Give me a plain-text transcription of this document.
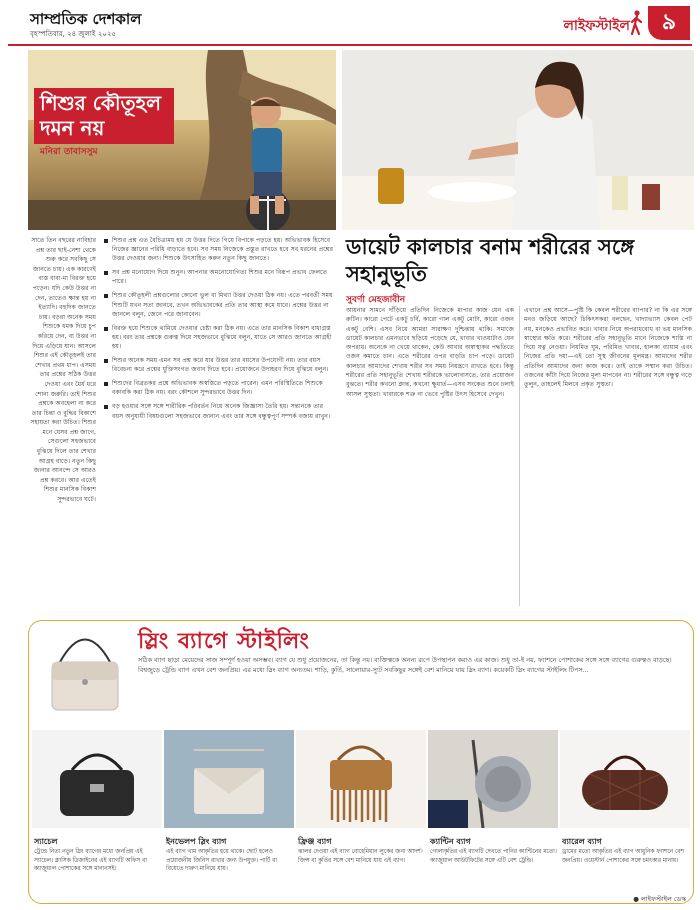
সাম্প্রতিক দেশকাল
বৃহস্পতিবার, ২৪ জুলাই ২০২৫	লাইফস্টাইল	৯
শিশুর কৌতূহল
দমন নয়
মনিরা তাবাসসুম
সাতে তিন বছরের নাবিহার প্রশ্ন তার ছাই-নেশা থেকে শুরু করে সবকিছু সে জানতে চায়। এক কারণেই ব্যস্ত বাবা-মা বিরক্ত হয়ে পড়েন। যদি কেউ উত্তর না দেন, তাতেও ক্ষান্ত হয় না ইত্যাদি। বহুদিক জানতে চায়। বড়রা অনেক সময় শিশুকে ধমক দিয়ে চুপ করিয়ে দেন, বা উত্তর না দিয়ে এড়িয়ে যান। আসলে শিশুর এই কৌতূহলই তার শেখার প্রথম ধাপ। এসময় তার প্রশ্নের সঠিক উত্তর দেওয়া এবং ধৈর্য ধরে শোনা জরুরি। তাই শিশুর প্রশ্নকে অবহেলা না করে তার চিন্তা ও বুদ্ধির বিকাশে সহায়তা করা উচিত। শিশুর মনে যেসব প্রশ্ন জাগে, সেগুলো সহজভাবে বুঝিয়ে দিলে তার শেখার আগ্রহ বাড়ে। নতুন কিছু জানার আনন্দে সে আরও প্রশ্ন করবে। আর এতেই শিশুর মানসিক বিকাশ সুন্দরভাবে ঘটে।
শিশুর প্রশ্ন এত বৈচিত্র্যময় হয় যে উত্তর দিতে গিয়ে বিপাকে পড়তে হয়। অভিভাবক হিসেবে নিজের জ্ঞানের পরিধি বাড়াতে হবে। সব সময় নিজেকে প্রস্তুত রাখতে হবে সব ধরনের প্রশ্নের উত্তর দেওয়ার জন্য। শিশুকে উৎসাহিত করুন নতুন কিছু জানতে।
সব প্রশ্ন মনোযোগ দিয়ে শুনুন। আপনার অমনোযোগিতা শিশুর মনে বিরূপ প্রভাব ফেলতে পারে।
শিশুর কৌতূহলী প্রশ্নগুলোর কোনো ভুল বা মিথ্যা উত্তর দেওয়া ঠিক নয়। এতে পরবর্তী সময় শিশুটি যখন সত্য জানবে, তখন অভিভাবকের প্রতি তার আস্থা কমে যাবে। প্রশ্নের উত্তর না জানলে বলুন, জেনে পরে জানাবেন।
বিরক্ত হয়ে শিশুকে থামিয়ে দেওয়ার চেষ্টা করা ঠিক নয়। এতে তার মানসিক বিকাশ বাধাগ্রস্ত হয়। বরং তার প্রশ্নকে গুরুত্ব দিয়ে সহজভাবে বুঝিয়ে বলুন, যাতে সে আরও জানতে আগ্রহী হয়।
শিশুর অনেক সময় এমন সব প্রশ্ন করে যার উত্তর তার বয়সের উপযোগী নয়। তার বয়স বিবেচনা করে প্রশ্নের যুক্তিসংগত জবাব দিতে হবে। প্রয়োজনে উদাহরণ দিয়ে বুঝিয়ে বলুন।
শিশুদের বিব্রতকর প্রশ্নে অভিভাবক অস্বস্তিতে পড়তে পারেন। এমন পরিস্থিতিতে শিশুকে বকাবকি করা ঠিক নয়। বরং কৌশলে সুন্দরভাবে উত্তর দিন।
বড় হওয়ার সঙ্গে সঙ্গে শারীরিক পরিবর্তন নিয়ে অনেক জিজ্ঞাসা তৈরি হয়। সন্তানকে তার বয়স অনুযায়ী বিষয়গুলো সহজভাবে জানান এবং তার সঙ্গে বন্ধুত্বপূর্ণ সম্পর্ক বজায় রাখুন।
ডায়েট কালচার বনাম শরীরের সঙ্গে সহানুভূতি
সুবর্ণা মেহজাবীন
আয়নার সামনে দাঁড়িয়ে প্রতিদিন নিজেকে মাপার কাজ যেন এক রুটিন। কারো পেটে একটু চর্বি, কারো গাল একটু মোটা, কারো ওজন একটু বেশি। এসব নিয়ে আমরা সারাক্ষণ দুশ্চিন্তায় থাকি। সমাজে ডায়েট কালচার এমনভাবে ছড়িয়ে পড়েছে যে, খাবার খাওয়াটাও যেন অপরাধ। অনেকে না খেয়ে থাকেন, কেউ আবার অস্বাস্থ্যকর পদ্ধতিতে ওজন কমাতে চান। এতে শরীরের ওপর বাড়তি চাপ পড়ে। ডায়েট কালচার আমাদের শেখায় শরীর সব সময় নিয়ন্ত্রণে রাখতে হবে। কিন্তু শরীরের প্রতি সহানুভূতি শেখায় শরীরকে ভালোবাসতে, তার প্রয়োজন বুঝতে। শরীর কখনো ক্লান্ত, কখনো ক্ষুধার্ত—এসব সংকেত শুনে চলাই আসল সুস্থতা। খাবারকে শত্রু না ভেবে পুষ্টির উৎস হিসেবে দেখুন।
এখানে প্রশ্ন আসে—পুষ্টি কি কেবল শরীরের ব্যাপার? না কি এর সঙ্গে মনও জড়িয়ে আছে? চিকিৎসকরা বলছেন, খাদ্যাভ্যাস কেবল পেট নয়, মনকেও প্রভাবিত করে। খাবার নিয়ে অপরাধবোধ বা ভয় মানসিক স্বাস্থ্যের ক্ষতি করে। শরীরের প্রতি সহানুভূতি মানে নিজেকে শাস্তি না দিয়ে যত্ন নেওয়া। নিয়মিত ঘুম, পরিমিত খাবার, হালকা ব্যায়াম এবং নিজের প্রতি দয়া—এই তো সুস্থ জীবনের মূলমন্ত্র। আমাদের শরীর প্রতিদিন আমাদের জন্য কাজ করে। তাই তাকে সম্মান করা উচিত। ওজনের কাঁটা দিয়ে নিজের মূল্য মাপবেন না। শরীরের সঙ্গে বন্ধুত্ব গড়ে তুলুন, তাহলেই মিলবে প্রকৃত সুস্থতা।
স্লিং ব্যাগে স্টাইলিং
সঠিক ব্যাগ ছাড়া মেয়েদের সাজ সম্পূর্ণ হওয়া অসম্ভব। ব্যাগ যে শুধু প্রয়োজনের, তা কিন্তু নয়। ব্যক্তিত্বকে অনন্য রূপে উপস্থাপন করাও এর কাজ। শুধু তা-ই নয়, ফ্যাশনে পোশাকের সঙ্গে সঙ্গে ব্যাগের গুরুত্বও বাড়ছে। বিশ্বজুড়ে ট্রেন্ডি ব্যাগ এখন বেশ জনপ্রিয়। এর মধ্যে স্লিং ব্যাগ অন্যতম। শাড়ি, কুর্তি, সালোয়ার-স্যুট সবকিছুর সঙ্গেই বেশ মানিয়ে যায় স্লিং ব্যাগ। কয়েকটি স্লিং ব্যাগের স্টাইলিং টিপস...
স্যাচেল
ট্রেন্ডে নিত্য নতুন স্লিং ব্যাগের মধ্যে জনপ্রিয় এই স্যাচেল। ক্লাসিক ডিজাইনের এই ব্যাগটি অফিস বা ক্যাজুয়াল পোশাকের সঙ্গে মানানসই।
ইনভেলপ স্লিং ব্যাগ
এই ব্যাগ খাম আকৃতির হয়ে থাকে। ছোট হলেও প্রয়োজনীয় জিনিস রাখার জন্য উপযুক্ত। পার্টি বা বিয়েতে দারুণ মানিয়ে যায়।
ফ্রিঞ্জ ব্যাগ
ঝালর দেওয়া এই ব্যাগ বোহেমিয়ান লুকের জন্য আদর্শ। জিন্স বা কুর্তির সঙ্গে বেশ মানিয়ে যায় এই ব্যাগ।
ক্যান্টিন ব্যাগ
গোলাকৃতির এই ব্যাগটি দেখতে পানির ক্যান্টিনের মতো। ক্যাজুয়াল আউটফিটের সঙ্গে এটি বেশ ট্রেন্ডি।
ব্যারেল ব্যাগ
ড্রামের মতো আকৃতির এই ব্যাগ আধুনিক ফ্যাশনে বেশ জনপ্রিয়। ওয়েস্টার্ন পোশাকের সঙ্গে চমৎকার মানায়।
● লাইফস্টাইল ডেস্ক
